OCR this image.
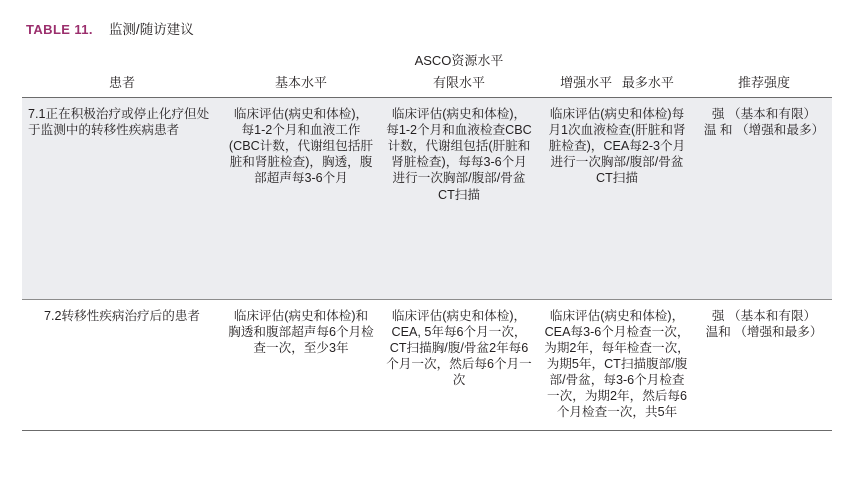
TABLE 11. 监测/随访建议
	ASCO资源水平			
患者	基本水平	有限水平	增强水平 最多水平	推荐强度

7.1正在积极治疗或停止化疗但处于监测中的转移性疾病患者	临床评估(病史和体检)，每1-2个月和血液工作(CBC计数，代谢组包括肝脏和肾脏检查)，胸透，腹部超声每3-6个月	临床评估(病史和体检)，每1-2个月和血液检查CBC计数，代谢组包括(肝脏和肾脏检查)，每每3-6个月进行一次胸部/腹部/骨盆CT扫描	临床评估(病史和体检)每月1次血液检查(肝脏和肾脏检查)，CEA每2-3个月进行一次胸部/腹部/骨盆CT扫描	强 （基本和有限）
温 和 （增强和最多）

7.2转移性疾病治疗后的患者	临床评估(病史和体检)和胸透和腹部超声每6个月检查一次，至少3年	临床评估(病史和体检)，CEA, 5年每6个月一次，CT扫描胸/腹/骨盆2年每6个月一次，然后每6个月一次	临床评估(病史和体检)，CEA每3-6个月检查一次，为期2年，每年检查一次，为期5年，CT扫描腹部/腹部/骨盆，每3-6个月检查一次，为期2年，然后每6个月检查一次，共5年	强 （基本和有限）
温和 （增强和最多）
